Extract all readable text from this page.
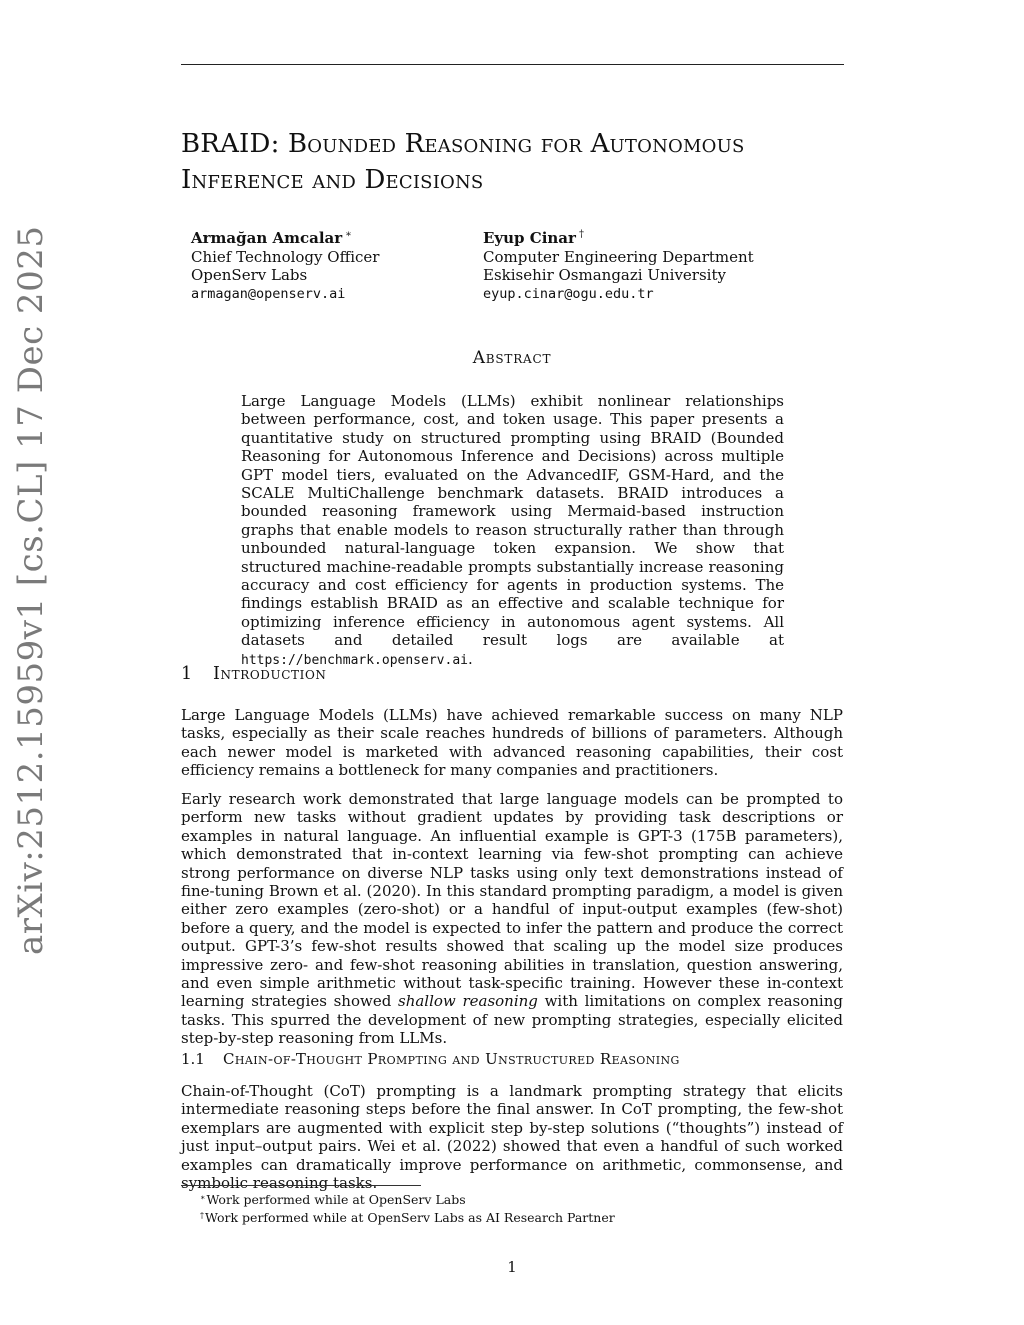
BRAID: Bounded Reasoning for Autonomous
Inference and Decisions
Armağan Amcalar ∗
Chief Technology Officer
OpenServ Labs
armagan@openserv.ai
Eyup Cinar †
Computer Engineering Department
Eskisehir Osmangazi University
eyup.cinar@ogu.edu.tr
Abstract
Large Language Models (LLMs) exhibit nonlinear relationships between performance, cost, and token usage. This paper presents a quantitative study on structured prompting using BRAID (Bounded Reasoning for Autonomous Inference and Decisions) across multiple GPT model tiers, evaluated on the AdvancedIF, GSM-Hard, and the SCALE MultiChallenge benchmark datasets. BRAID introduces a bounded reasoning framework using Mermaid-based instruction graphs that enable models to reason structurally rather than through unbounded natural-language token expansion. We show that structured machine-readable prompts substantially increase reasoning accuracy and cost efficiency for agents in production systems. The findings establish BRAID as an effective and scalable technique for optimizing inference efficiency in autonomous agent systems. All datasets and detailed result logs are available at https://benchmark.openserv.ai.
1 Introduction

Large Language Models (LLMs) have achieved remarkable success on many NLP tasks, especially as their scale reaches hundreds of billions of parameters. Although each newer model is marketed with advanced reasoning capabilities, their cost efficiency remains a bottleneck for many companies and practitioners.

Early research work demonstrated that large language models can be prompted to perform new tasks without gradient updates by providing task descriptions or examples in natural language. An influential example is GPT-3 (175B parameters), which demonstrated that in-context learning via few-shot prompting can achieve strong performance on diverse NLP tasks using only text demonstrations instead of fine-tuning Brown et al. (2020). In this standard prompting paradigm, a model is given either zero examples (zero-shot) or a handful of input-output examples (few-shot) before a query, and the model is expected to infer the pattern and produce the correct output. GPT-3’s few-shot results showed that scaling up the model size produces impressive zero- and few-shot reasoning abilities in translation, question answering, and even simple arithmetic without task-specific training. However these in-context learning strategies showed shallow reasoning with limitations on complex reasoning tasks. This spurred the development of new prompting strategies, especially elicited step-by-step reasoning from LLMs.

1.1 Chain-of-Thought Prompting and Unstructured Reasoning

Chain-of-Thought (CoT) prompting is a landmark prompting strategy that elicits intermediate reasoning steps before the final answer. In CoT prompting, the few-shot exemplars are augmented with explicit step by-step solutions (“thoughts”) instead of just input–output pairs. Wei et al. (2022) showed that even a handful of such worked examples can dramatically improve performance on arithmetic, commonsense, and symbolic reasoning tasks.

∗Work performed while at OpenServ Labs
†Work performed while at OpenServ Labs as AI Research Partner
1
arXiv:2512.15959v1 [cs.CL] 17 Dec 2025
